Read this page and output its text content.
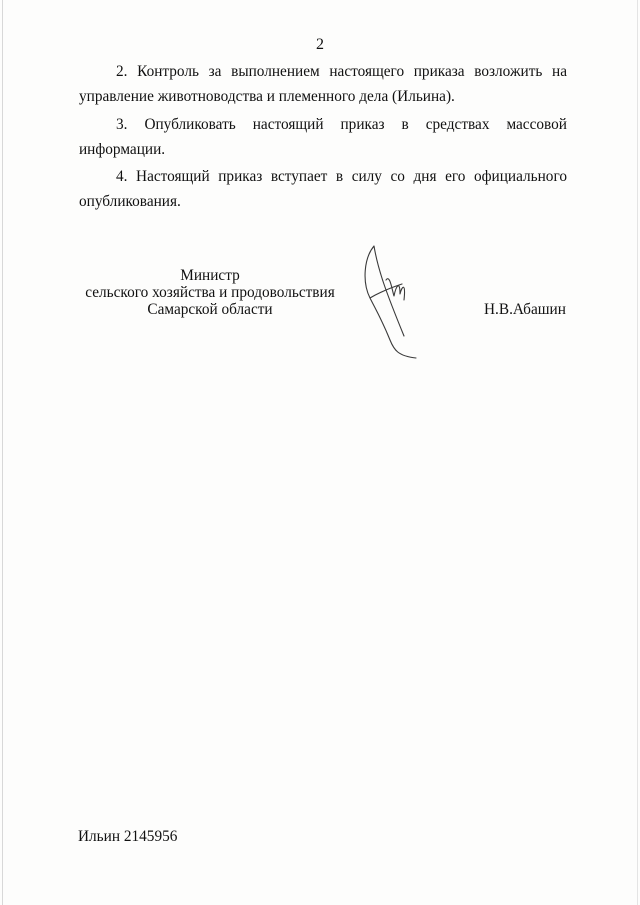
2
2. Контроль за выполнением настоящего приказа возложить на
управление животноводства и племенного дела (Ильина).
3. Опубликовать настоящий приказ в средствах массовой
информации.
4. Настоящий приказ вступает в силу со дня его официального
опубликования.
Министр
сельского хозяйства и продовольствия
Самарской области	Н.В.Абашин
Ильин 2145956
